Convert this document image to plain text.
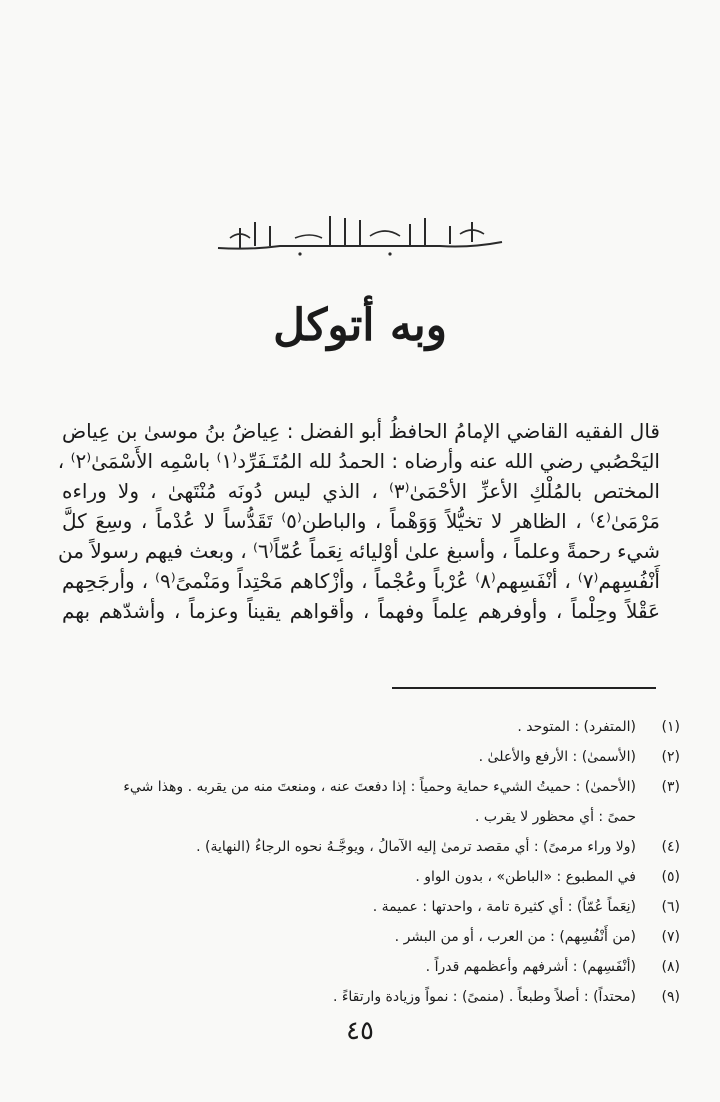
وبه أتوكل
قال الفقيه القاضي الإمامُ الحافظُ أبو الفضل : عِياضُ بنُ موسىٰ بن عِياض
اليَحْصُبي رضي الله عنه وأرضاه : الحمدُ لله المُتَـفَرِّد⁽١⁾ باسْمِه الأَسْمَىٰ⁽٢⁾ ،
المختص بالمُلْكِ الأعزِّ الأحْمَىٰ⁽٣⁾ ، الذي ليس دُونَه مُنْتَهىٰ ، ولا وراءه
مَرْمَىٰ⁽٤⁾ ، الظاهر لا تخيُّلاً وَوَهْماً ، والباطن⁽٥⁾ تَقَدُّساً لا عُدْماً ، وسِعَ كلَّ
شيء رحمةً وعلماً ، وأسبغ علىٰ أوْليائه نِعَماً عُمّاً⁽٦⁾ ، وبعث فيهم رسولاً من
أَنْفُسِهم⁽٧⁾ ، أنْفَسِهم⁽٨⁾ عُرْباً وعُجْماً ، وأزْكاهم مَحْتِداً ومَنْمىً⁽٩⁾ ، وأرجَحِهم
عَقْلاً وحِلْماً ، وأوفرهم عِلماً وفهماً ، وأقواهم يقيناً وعزماً ، وأشدّهم بهم
(١)
(المتفرد) : المتوحد .
(٢)
(الأسمىٰ) : الأرفع والأعلىٰ .
(٣)
(الأحمىٰ) : حميتُ الشيء حماية وحمياً : إذا دفعتَ عنه ، ومنعتَ منه من يقربه . وهذا شيء
حمىً : أي محظور لا يقرب .
(٤)
(ولا وراء مرمىً) : أي مقصد ترمىٰ إليه الآمالُ ، ويوجَّـهُ نحوه الرجاءُ (النهاية) .
(٥)
في المطبوع : «الباطن» ، بدون الواو .
(٦)
(نِعَماً عُمّاً) : أي كثيرة تامة ، واحدتها : عميمة .
(٧)
(من أَنْفُسِهم) : من العرب ، أو من البشر .
(٨)
(أنْفَسِهم) : أشرفهم وأعظمهم قدراً .
(٩)
(محتداً) : أصلاً وطبعاً . (منمىً) : نمواً وزيادة وارتقاءً .
٤٥
